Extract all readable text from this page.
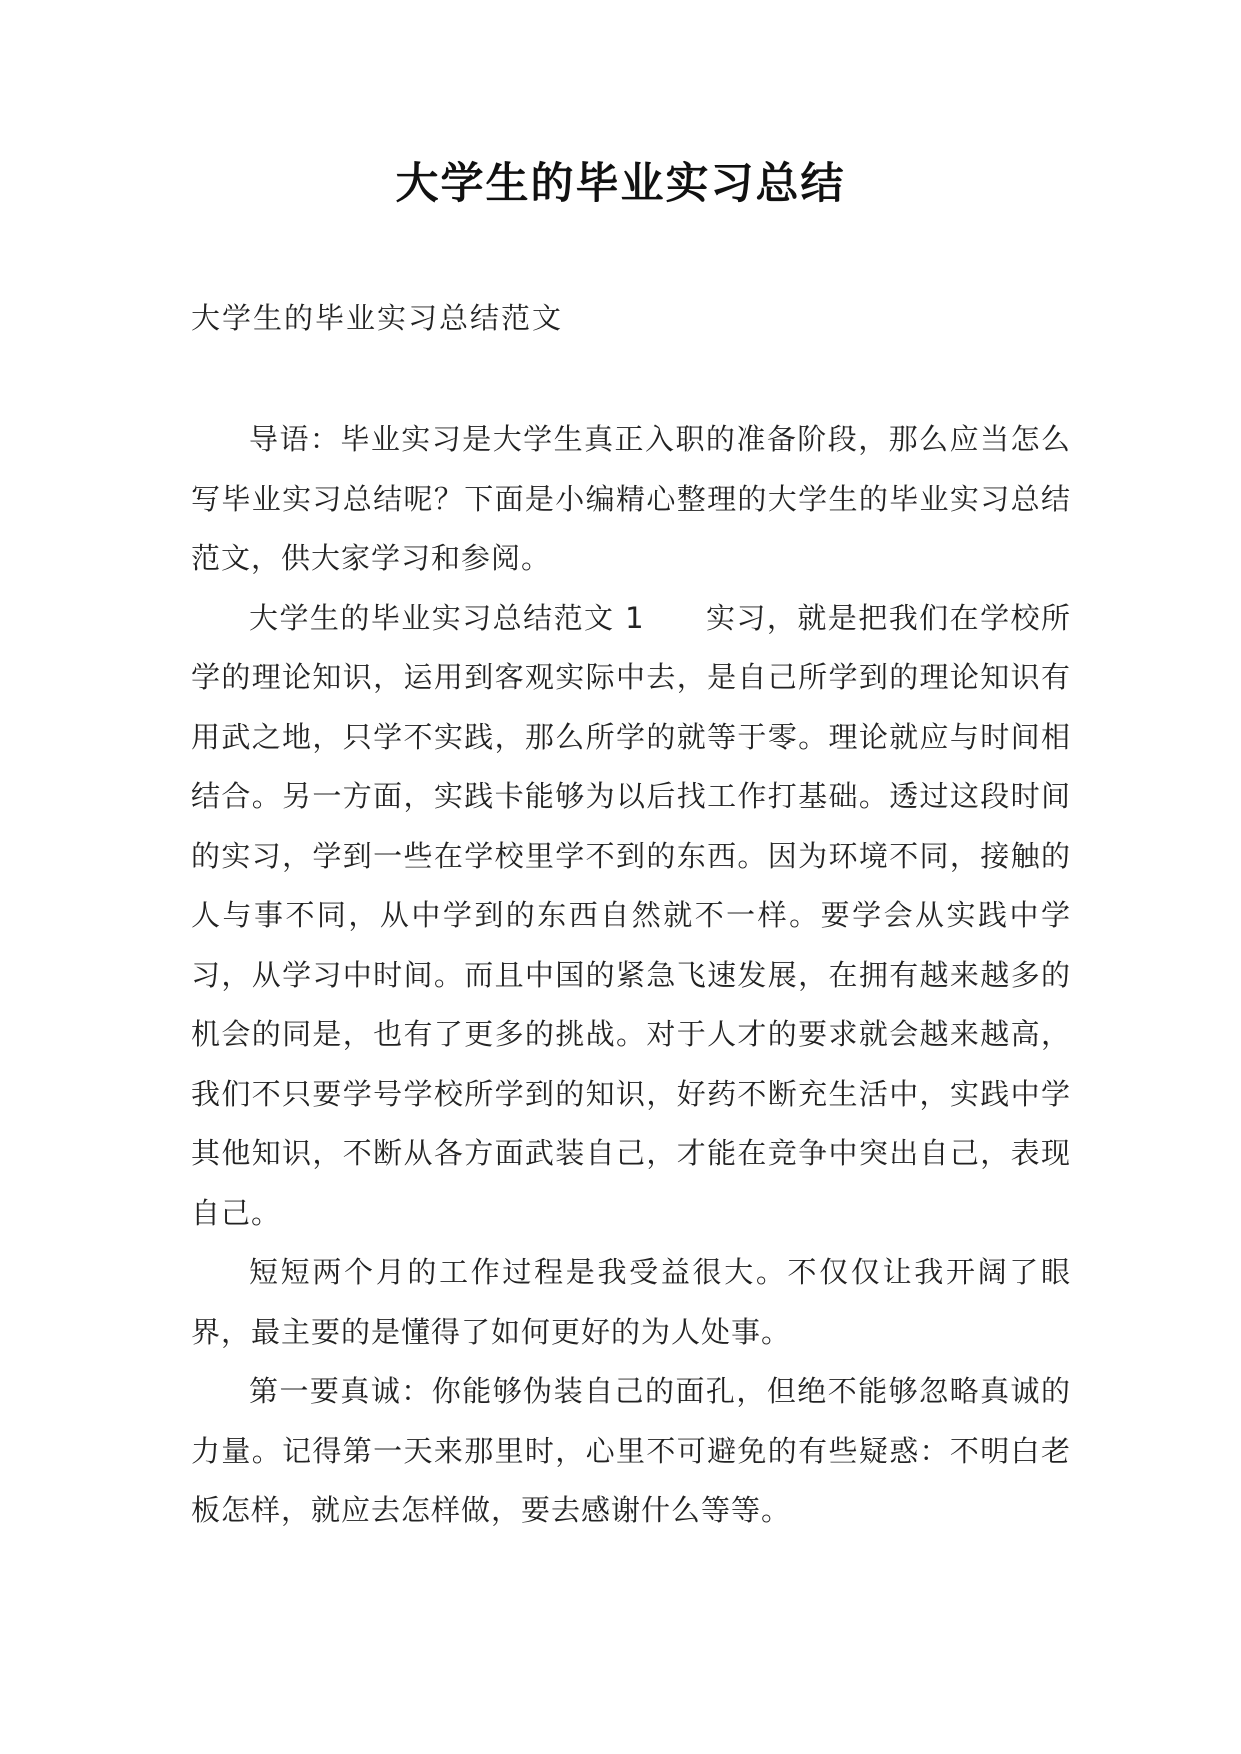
大学生的毕业实习总结

大学生的毕业实习总结范文

导语：毕业实习是大学生真正入职的准备阶段，那么应当怎么写毕业实习总结呢？下面是小编精心整理的大学生的毕业实习总结范文，供大家学习和参阅。

大学生的毕业实习总结范文 1　　实习，就是把我们在学校所学的理论知识，运用到客观实际中去，是自己所学到的理论知识有用武之地，只学不实践，那么所学的就等于零。理论就应与时间相结合。另一方面，实践卡能够为以后找工作打基础。透过这段时间的实习，学到一些在学校里学不到的东西。因为环境不同，接触的人与事不同，从中学到的东西自然就不一样。要学会从实践中学习，从学习中时间。而且中国的紧急飞速发展，在拥有越来越多的机会的同是，也有了更多的挑战。对于人才的要求就会越来越高，我们不只要学号学校所学到的知识，好药不断充生活中，实践中学其他知识，不断从各方面武装自己，才能在竞争中突出自己，表现自己。

短短两个月的工作过程是我受益很大。不仅仅让我开阔了眼界，最主要的是懂得了如何更好的为人处事。

第一要真诚：你能够伪装自己的面孔，但绝不能够忽略真诚的力量。记得第一天来那里时，心里不可避免的有些疑惑：不明白老板怎样，就应去怎样做，要去感谢什么等等。
